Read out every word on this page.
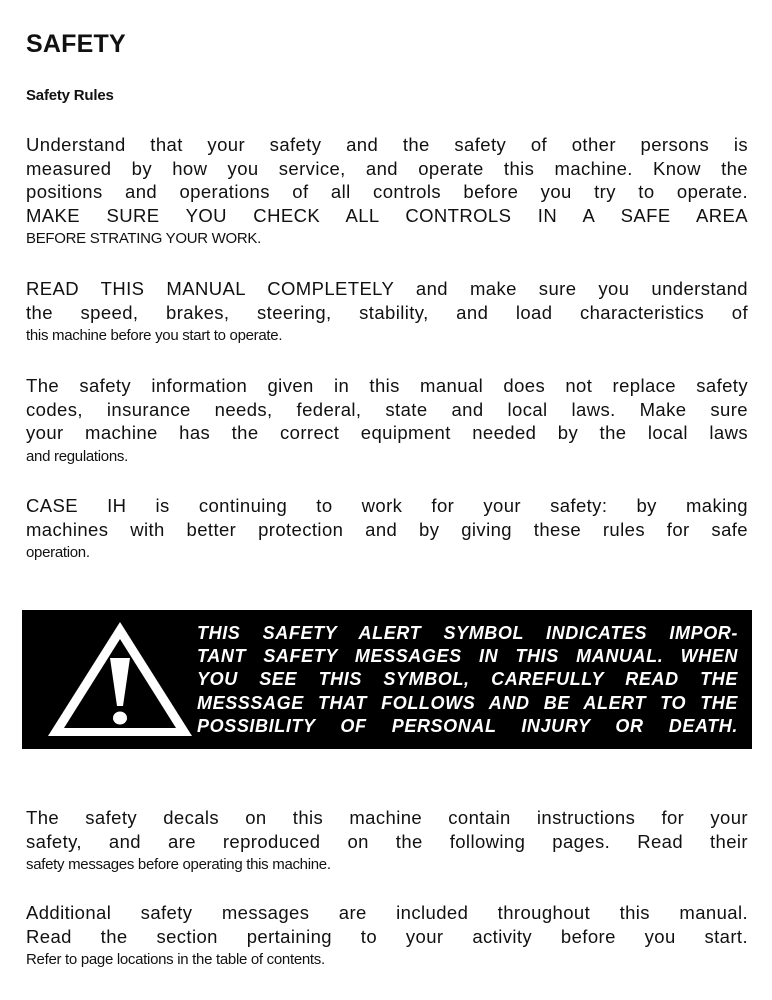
SAFETY
Safety Rules

Understand that your safety and the safety of other persons is
measured by how you service, and operate this machine. Know the
positions and operations of all controls before you try to operate.
MAKE SURE YOU CHECK ALL CONTROLS IN A SAFE AREA
BEFORE STRATING YOUR WORK.

READ THIS MANUAL COMPLETELY and make sure you understand
the speed, brakes, steering, stability, and load characteristics of
this machine before you start to operate.

The safety information given in this manual does not replace safety
codes, insurance needs, federal, state and local laws. Make sure
your machine has the correct equipment needed by the local laws
and regulations.

CASE IH is continuing to work for your safety: by making
machines with better protection and by giving these rules for safe
operation.

THIS SAFETY ALERT SYMBOL INDICATES IMPOR-
TANT SAFETY MESSAGES IN THIS MANUAL. WHEN
YOU SEE THIS SYMBOL, CAREFULLY READ THE
MESSSAGE THAT FOLLOWS AND BE ALERT TO THE
POSSIBILITY OF PERSONAL INJURY OR DEATH.

The safety decals on this machine contain instructions for your
safety, and are reproduced on the following pages. Read their
safety messages before operating this machine.

Additional safety messages are included throughout this manual.
Read the section pertaining to your activity before you start.
Refer to page locations in the table of contents.
